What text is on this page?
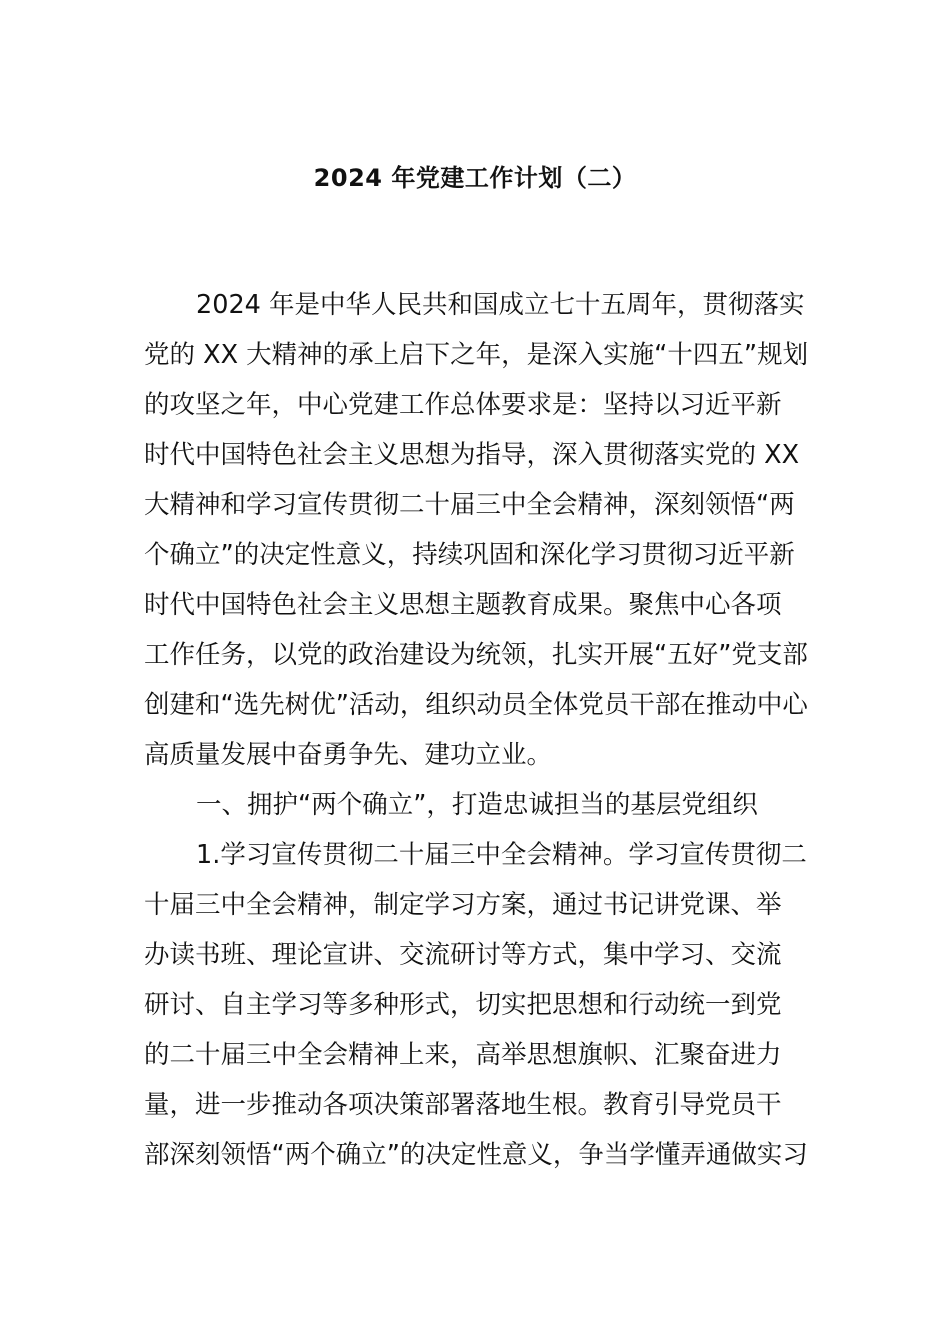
2024 年党建工作计划（二）
2024 年是中华人民共和国成立七十五周年，贯彻落实
党的 XX 大精神的承上启下之年，是深入实施“十四五”规划
的攻坚之年，中心党建工作总体要求是：坚持以习近平新
时代中国特色社会主义思想为指导，深入贯彻落实党的 XX
大精神和学习宣传贯彻二十届三中全会精神，深刻领悟“两
个确立”的决定性意义，持续巩固和深化学习贯彻习近平新
时代中国特色社会主义思想主题教育成果。聚焦中心各项
工作任务，以党的政治建设为统领，扎实开展“五好”党支部
创建和“选先树优”活动，组织动员全体党员干部在推动中心
高质量发展中奋勇争先、建功立业。
一、拥护“两个确立”，打造忠诚担当的基层党组织
1.学习宣传贯彻二十届三中全会精神。学习宣传贯彻二
十届三中全会精神，制定学习方案，通过书记讲党课、举
办读书班、理论宣讲、交流研讨等方式，集中学习、交流
研讨、自主学习等多种形式，切实把思想和行动统一到党
的二十届三中全会精神上来，高举思想旗帜、汇聚奋进力
量，进一步推动各项决策部署落地生根。教育引导党员干
部深刻领悟“两个确立”的决定性意义，争当学懂弄通做实习
